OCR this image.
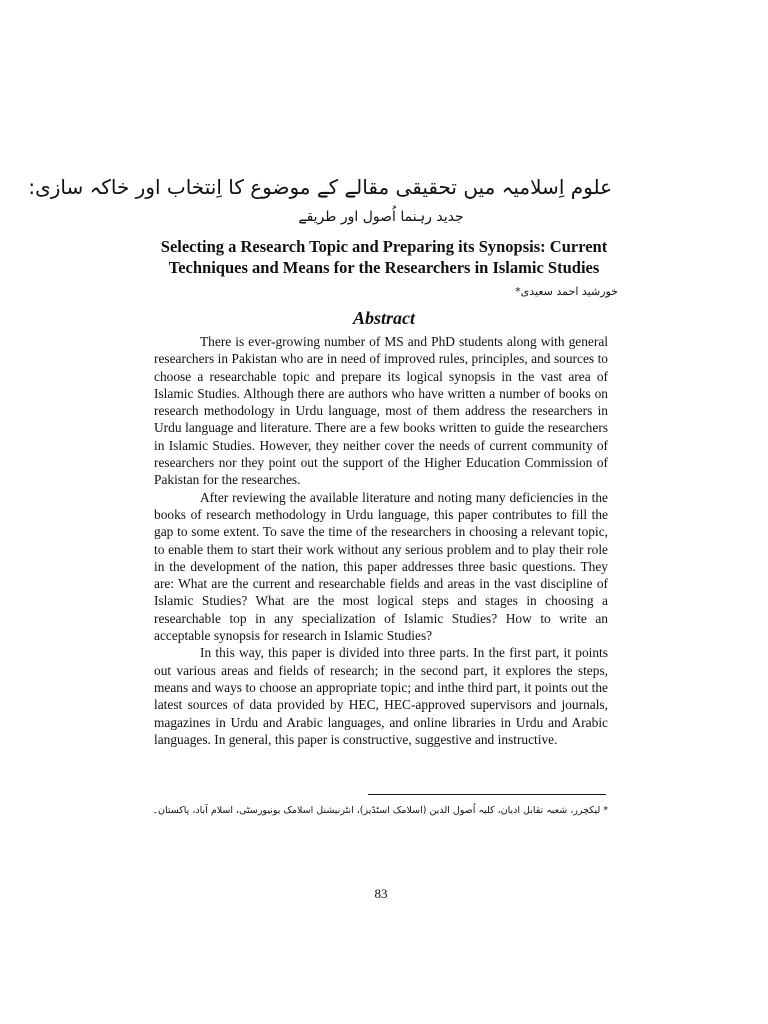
علوم اِسلامیہ میں تحقیقی مقالے کے موضوع کا اِنتخاب اور خاکہ سازی:
جدید رہنما اُصول اور طریقے
Selecting a Research Topic and Preparing its Synopsis: Current Techniques and Means for the Researchers in Islamic Studies
خورشید احمد سعیدی*
Abstract

There is ever-growing number of MS and PhD students along with general researchers in Pakistan who are in need of improved rules, principles, and sources to choose a researchable topic and prepare its logical synopsis in the vast area of Islamic Studies. Although there are authors who have written a number of books on research methodology in Urdu language, most of them address the researchers in Urdu language and literature. There are a few books written to guide the researchers in Islamic Studies. However, they neither cover the needs of current community of researchers nor they point out the support of the Higher Education Commission of Pakistan for the researches.

After reviewing the available literature and noting many deficiencies in the books of research methodology in Urdu language, this paper contributes to fill the gap to some extent. To save the time of the researchers in choosing a relevant topic, to enable them to start their work without any serious problem and to play their role in the development of the nation, this paper addresses three basic questions. They are: What are the current and researchable fields and areas in the vast discipline of Islamic Studies? What are the most logical steps and stages in choosing a researchable top in any specialization of Islamic Studies? How to write an acceptable synopsis for research in Islamic Studies?

In this way, this paper is divided into three parts. In the first part, it points out various areas and fields of research; in the second part, it explores the steps, means and ways to choose an appropriate topic; and inthe third part, it points out the latest sources of data provided by HEC, HEC-approved supervisors and journals, magazines in Urdu and Arabic languages, and online libraries in Urdu and Arabic languages. In general, this paper is constructive, suggestive and instructive.

* لیکچرر، شعبہ تقابل ادیان، کلیہ اُصول الدین (اسلامک اسٹڈیز)، انٹرنیشنل اسلامک یونیورسٹی، اسلام آباد، پاکستان۔
83
